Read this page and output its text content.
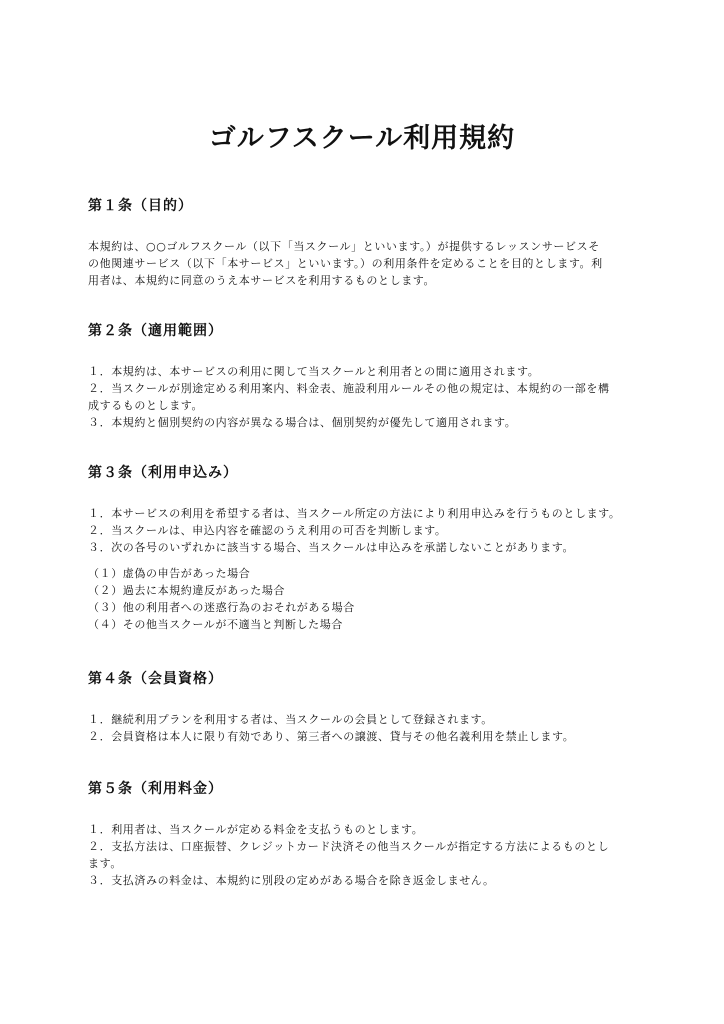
ゴルフスクール利用規約
第１条（目的）

本規約は、○○ゴルフスクール（以下「当スクール」といいます。）が提供するレッスンサービスそ

の他関連サービス（以下「本サービス」といいます。）の利用条件を定めることを目的とします。利

用者は、本規約に同意のうえ本サービスを利用するものとします。

第２条（適用範囲）

１．本規約は、本サービスの利用に関して当スクールと利用者との間に適用されます。

２．当スクールが別途定める利用案内、料金表、施設利用ルールその他の規定は、本規約の一部を構

成するものとします。

３．本規約と個別契約の内容が異なる場合は、個別契約が優先して適用されます。

第３条（利用申込み）

１．本サービスの利用を希望する者は、当スクール所定の方法により利用申込みを行うものとします。

２．当スクールは、申込内容を確認のうえ利用の可否を判断します。

３．次の各号のいずれかに該当する場合、当スクールは申込みを承諾しないことがあります。

（１）虚偽の申告があった場合

（２）過去に本規約違反があった場合

（３）他の利用者への迷惑行為のおそれがある場合

（４）その他当スクールが不適当と判断した場合

第４条（会員資格）

１．継続利用プランを利用する者は、当スクールの会員として登録されます。

２．会員資格は本人に限り有効であり、第三者への譲渡、貸与その他名義利用を禁止します。

第５条（利用料金）

１．利用者は、当スクールが定める料金を支払うものとします。

２．支払方法は、口座振替、クレジットカード決済その他当スクールが指定する方法によるものとし

ます。

３．支払済みの料金は、本規約に別段の定めがある場合を除き返金しません。
